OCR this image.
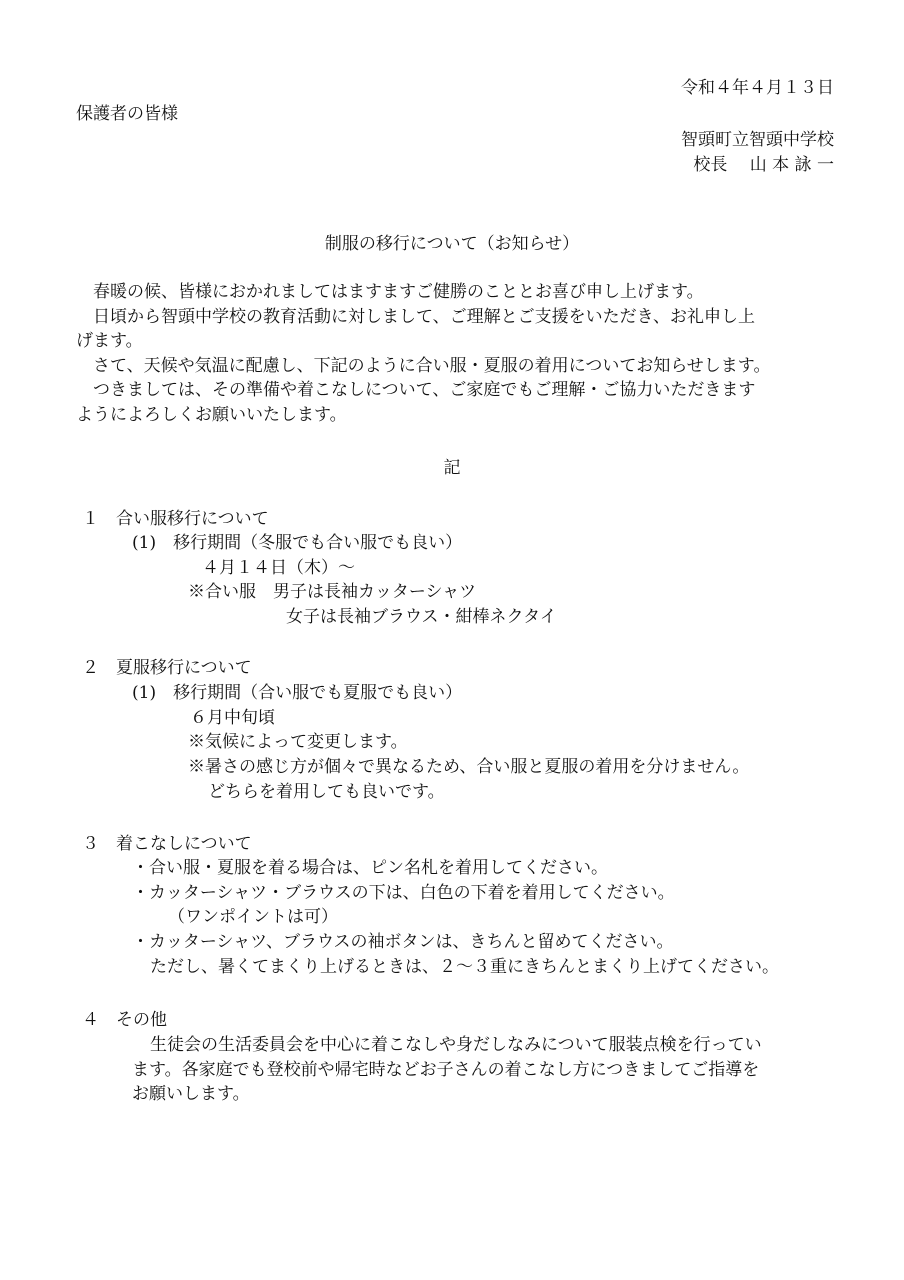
令和４年４月１３日
保護者の皆様
智頭町立智頭中学校
校長　 山 本 詠 一
制服の移行について（お知らせ）
春暖の候、皆様におかれましてはますますご健勝のこととお喜び申し上げます。
日頃から智頭中学校の教育活動に対しまして、ご理解とご支援をいただき、お礼申し上
げます。
さて、天候や気温に配慮し、下記のように合い服・夏服の着用についてお知らせします。
つきましては、その準備や着こなしについて、ご家庭でもご理解・ご協力いただきます
ようによろしくお願いいたします。
記
１　合い服移行について
(1)　移行期間（冬服でも合い服でも良い）
４月１４日（木）～
※合い服　男子は長袖カッターシャツ
女子は長袖ブラウス・紺棒ネクタイ
２　夏服移行について
(1)　移行期間（合い服でも夏服でも良い）
６月中旬頃
※気候によって変更します。
※暑さの感じ方が個々で異なるため、合い服と夏服の着用を分けません。
どちらを着用しても良いです。
３　着こなしについて
・合い服・夏服を着る場合は、ピン名札を着用してください。
・カッターシャツ・ブラウスの下は、白色の下着を着用してください。
（ワンポイントは可）
・カッターシャツ、ブラウスの袖ボタンは、きちんと留めてください。
ただし、暑くてまくり上げるときは、２～３重にきちんとまくり上げてください。
４　その他
生徒会の生活委員会を中心に着こなしや身だしなみについて服装点検を行ってい
ます。各家庭でも登校前や帰宅時などお子さんの着こなし方につきましてご指導を
お願いします。
